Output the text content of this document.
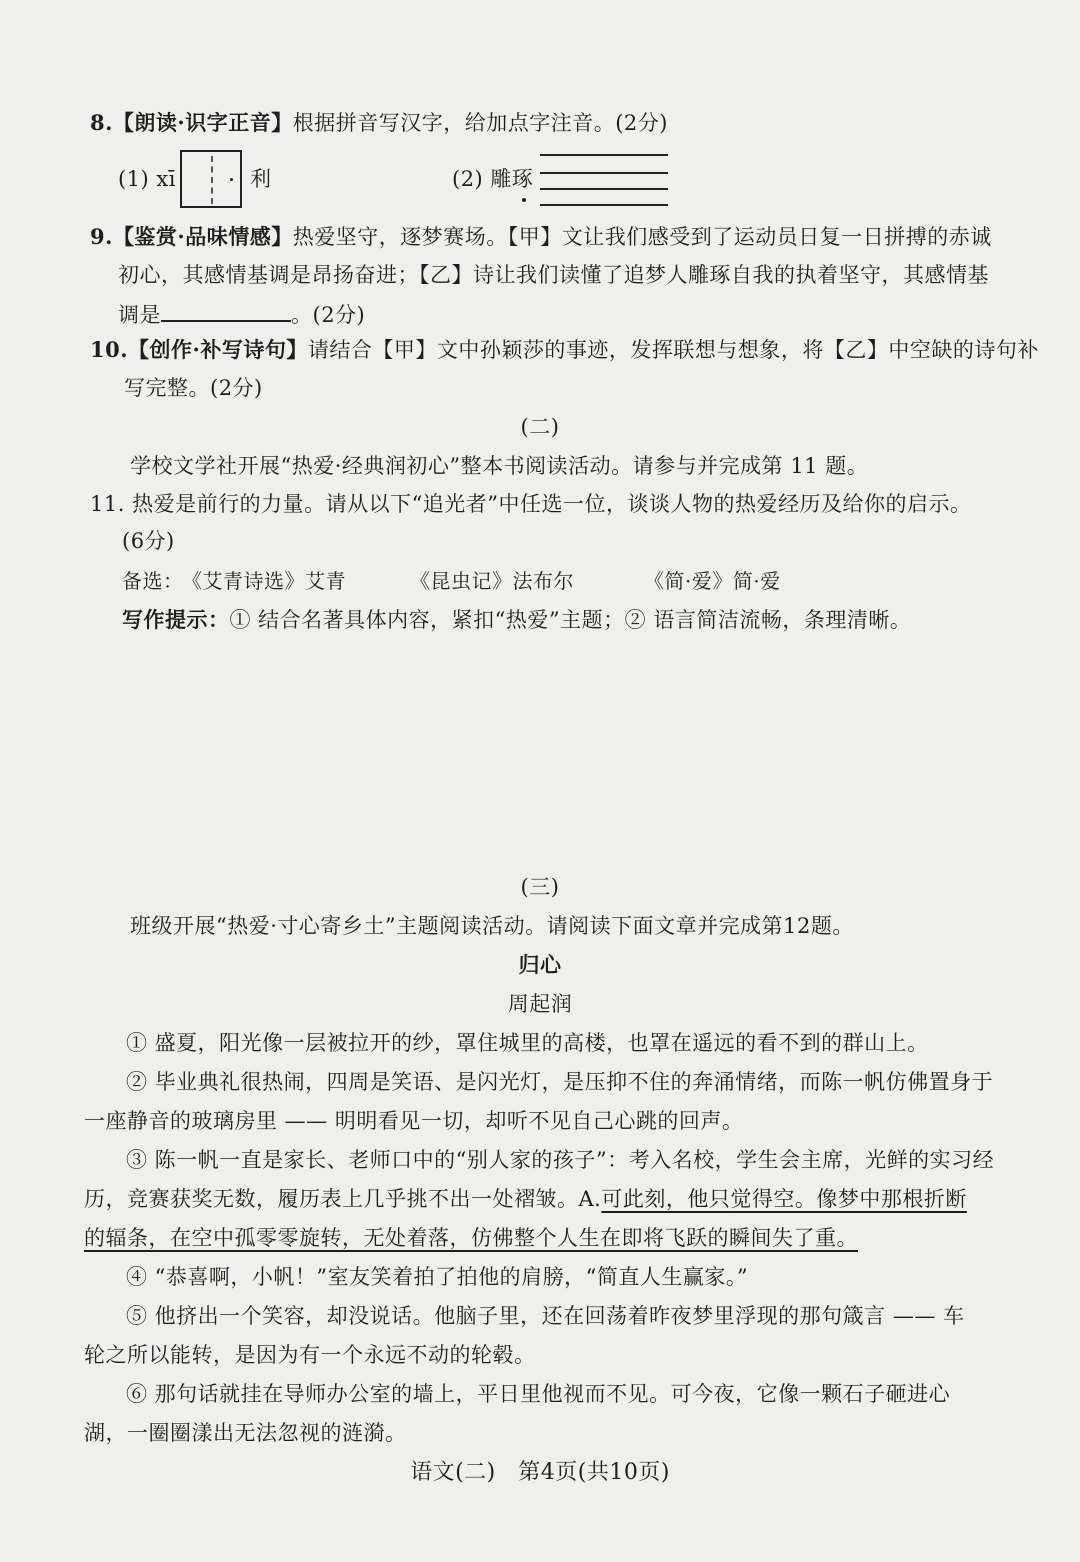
8.【朗读·识字正音】根据拼音写汉字，给加点字注音。(2分)
(1) xī	利	(2) 雕琢
9.【鉴赏·品味情感】热爱坚守，逐梦赛场。【甲】文让我们感受到了运动员日复一日拼搏的赤诚
初心，其感情基调是昂扬奋进；【乙】诗让我们读懂了追梦人雕琢自我的执着坚守，其感情基
调是	。(2分)
10.【创作·补写诗句】请结合【甲】文中孙颖莎的事迹，发挥联想与想象，将【乙】中空缺的诗句补
写完整。(2分)
(二)
学校文学社开展“热爱·经典润初心”整本书阅读活动。请参与并完成第 11 题。
11. 热爱是前行的力量。请从以下“追光者”中任选一位，谈谈人物的热爱经历及给你的启示。
(6分)
备选：
《艾青诗选》艾青	《昆虫记》法布尔	《简·爱》简·爱
写作提示：① 结合名著具体内容，紧扣“热爱”主题；② 语言简洁流畅，条理清晰。
(三)
班级开展“热爱·寸心寄乡土”主题阅读活动。请阅读下面文章并完成第12题。
归心
周起润
① 盛夏，阳光像一层被拉开的纱，罩住城里的高楼，也罩在遥远的看不到的群山上。
② 毕业典礼很热闹，四周是笑语、是闪光灯，是压抑不住的奔涌情绪，而陈一帆仿佛置身于
一座静音的玻璃房里 —— 明明看见一切，却听不见自己心跳的回声。
③ 陈一帆一直是家长、老师口中的“别人家的孩子”：考入名校，学生会主席，光鲜的实习经
历，竞赛获奖无数，履历表上几乎挑不出一处褶皱。A.可此刻，他只觉得空。像梦中那根折断
的辐条，在空中孤零零旋转，无处着落，仿佛整个人生在即将飞跃的瞬间失了重。
④ “恭喜啊，小帆！”室友笑着拍了拍他的肩膀，“简直人生赢家。”
⑤ 他挤出一个笑容，却没说话。他脑子里，还在回荡着昨夜梦里浮现的那句箴言 —— 车
轮之所以能转，是因为有一个永远不动的轮毂。
⑥ 那句话就挂在导师办公室的墙上，平日里他视而不见。可今夜，它像一颗石子砸进心
湖，一圈圈漾出无法忽视的涟漪。
语文(二)　第4页(共10页)
